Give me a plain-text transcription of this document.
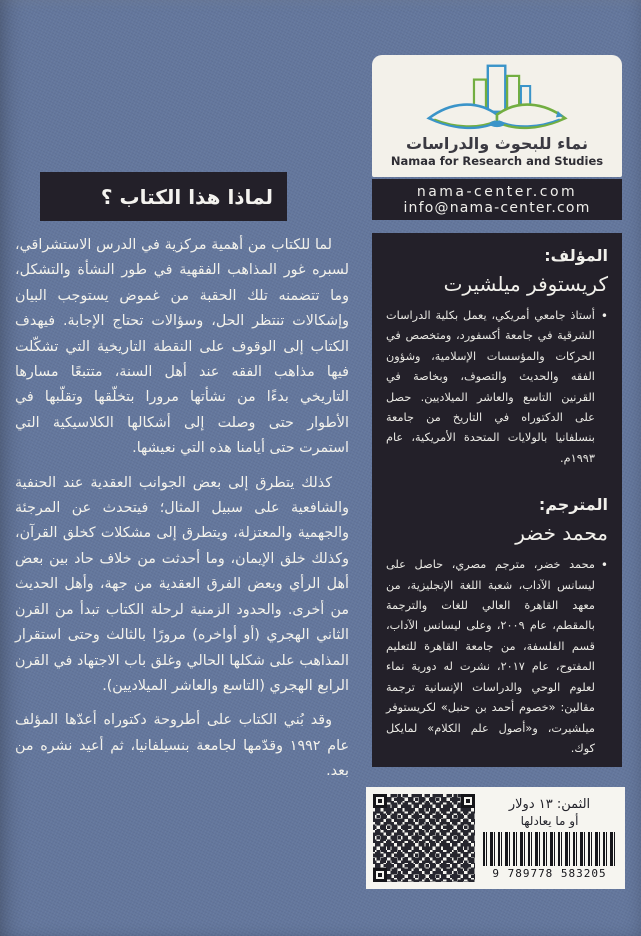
لماذا هذا الكتاب ؟

لما للكتاب من أهمية مركزية في الدرس الاستشراقي، لسبره غور المذاهب الفقهية في طور النشأة والتشكل، وما تتضمنه تلك الحقبة من غموض يستوجب البيان وإشكالات تنتظر الحل، وسؤالات تحتاج الإجابة. فيهدف الكتاب إلى الوقوف على النقطة التاريخية التي تشكّلت فيها مذاهب الفقه عند أهل السنة، متتبعًا مسارها التاريخي بدءًا من نشأتها مرورا بتخلّقها وتقلّبها في الأطوار حتى وصلت إلى أشكالها الكلاسيكية التي استمرت حتى أيامنا هذه التي نعيشها.

كذلك يتطرق إلى بعض الجوانب العقدية عند الحنفية والشافعية على سبيل المثال؛ فيتحدث عن المرجئة والجهمية والمعتزلة، ويتطرق إلى مشكلات كخلق القرآن، وكذلك خلق الإيمان، وما أحدثت من خلاف حاد بين بعض أهل الرأي وبعض الفرق العقدية من جهة، وأهل الحديث من أخرى. والحدود الزمنية لرحلة الكتاب تبدأ من القرن الثاني الهجري (أو أواخره) مرورًا بالثالث وحتى استقرار المذاهب على شكلها الحالي وغلق باب الاجتهاد في القرن الرابع الهجري (التاسع والعاشر الميلاديين).

وقد بُني الكتاب على أطروحة دكتوراه أعدّها المؤلف عام ١٩٩٢ وقدّمها لجامعة بنسيلفانيا، ثم أعيد نشره من بعد.

نماء للبحوث والدراسات
Namaa for Research and Studies
nama-center.com
info@nama-center.com

المؤلف:

كريستوفر ميلشيرت

•

أستاذ جامعي أمريكي، يعمل بكلية الدراسات الشرقية في جامعة أكسفورد، ومتخصص في الحركات والمؤسسات الإسلامية، وشؤون الفقه والحديث والتصوف، وبخاصة في القرنين التاسع والعاشر الميلاديين. حصل على الدكتوراه في التاريخ من جامعة بنسلفانيا بالولايات المتحدة الأمريكية، عام ١٩٩٣م.

المترجم:

محمد خضر

•

محمد خضر، مترجم مصري، حاصل على ليسانس الآداب، شعبة اللغة الإنجليزية، من معهد القاهرة العالي للغات والترجمة بالمقطم، عام ٢٠٠٩، وعلى ليسانس الآداب، قسم الفلسفة، من جامعة القاهرة للتعليم المفتوح، عام ٢٠١٧، نشرت له دورية نماء لعلوم الوحي والدراسات الإنسانية ترجمة مقالين: «خصوم أحمد بن حنبل» لكريستوفر ميلشيرت، و«أصول علم الكلام» لمايكل كوك.

الثمن: ١٣ دولار
أو ما يعادلها
9 789778 583205
